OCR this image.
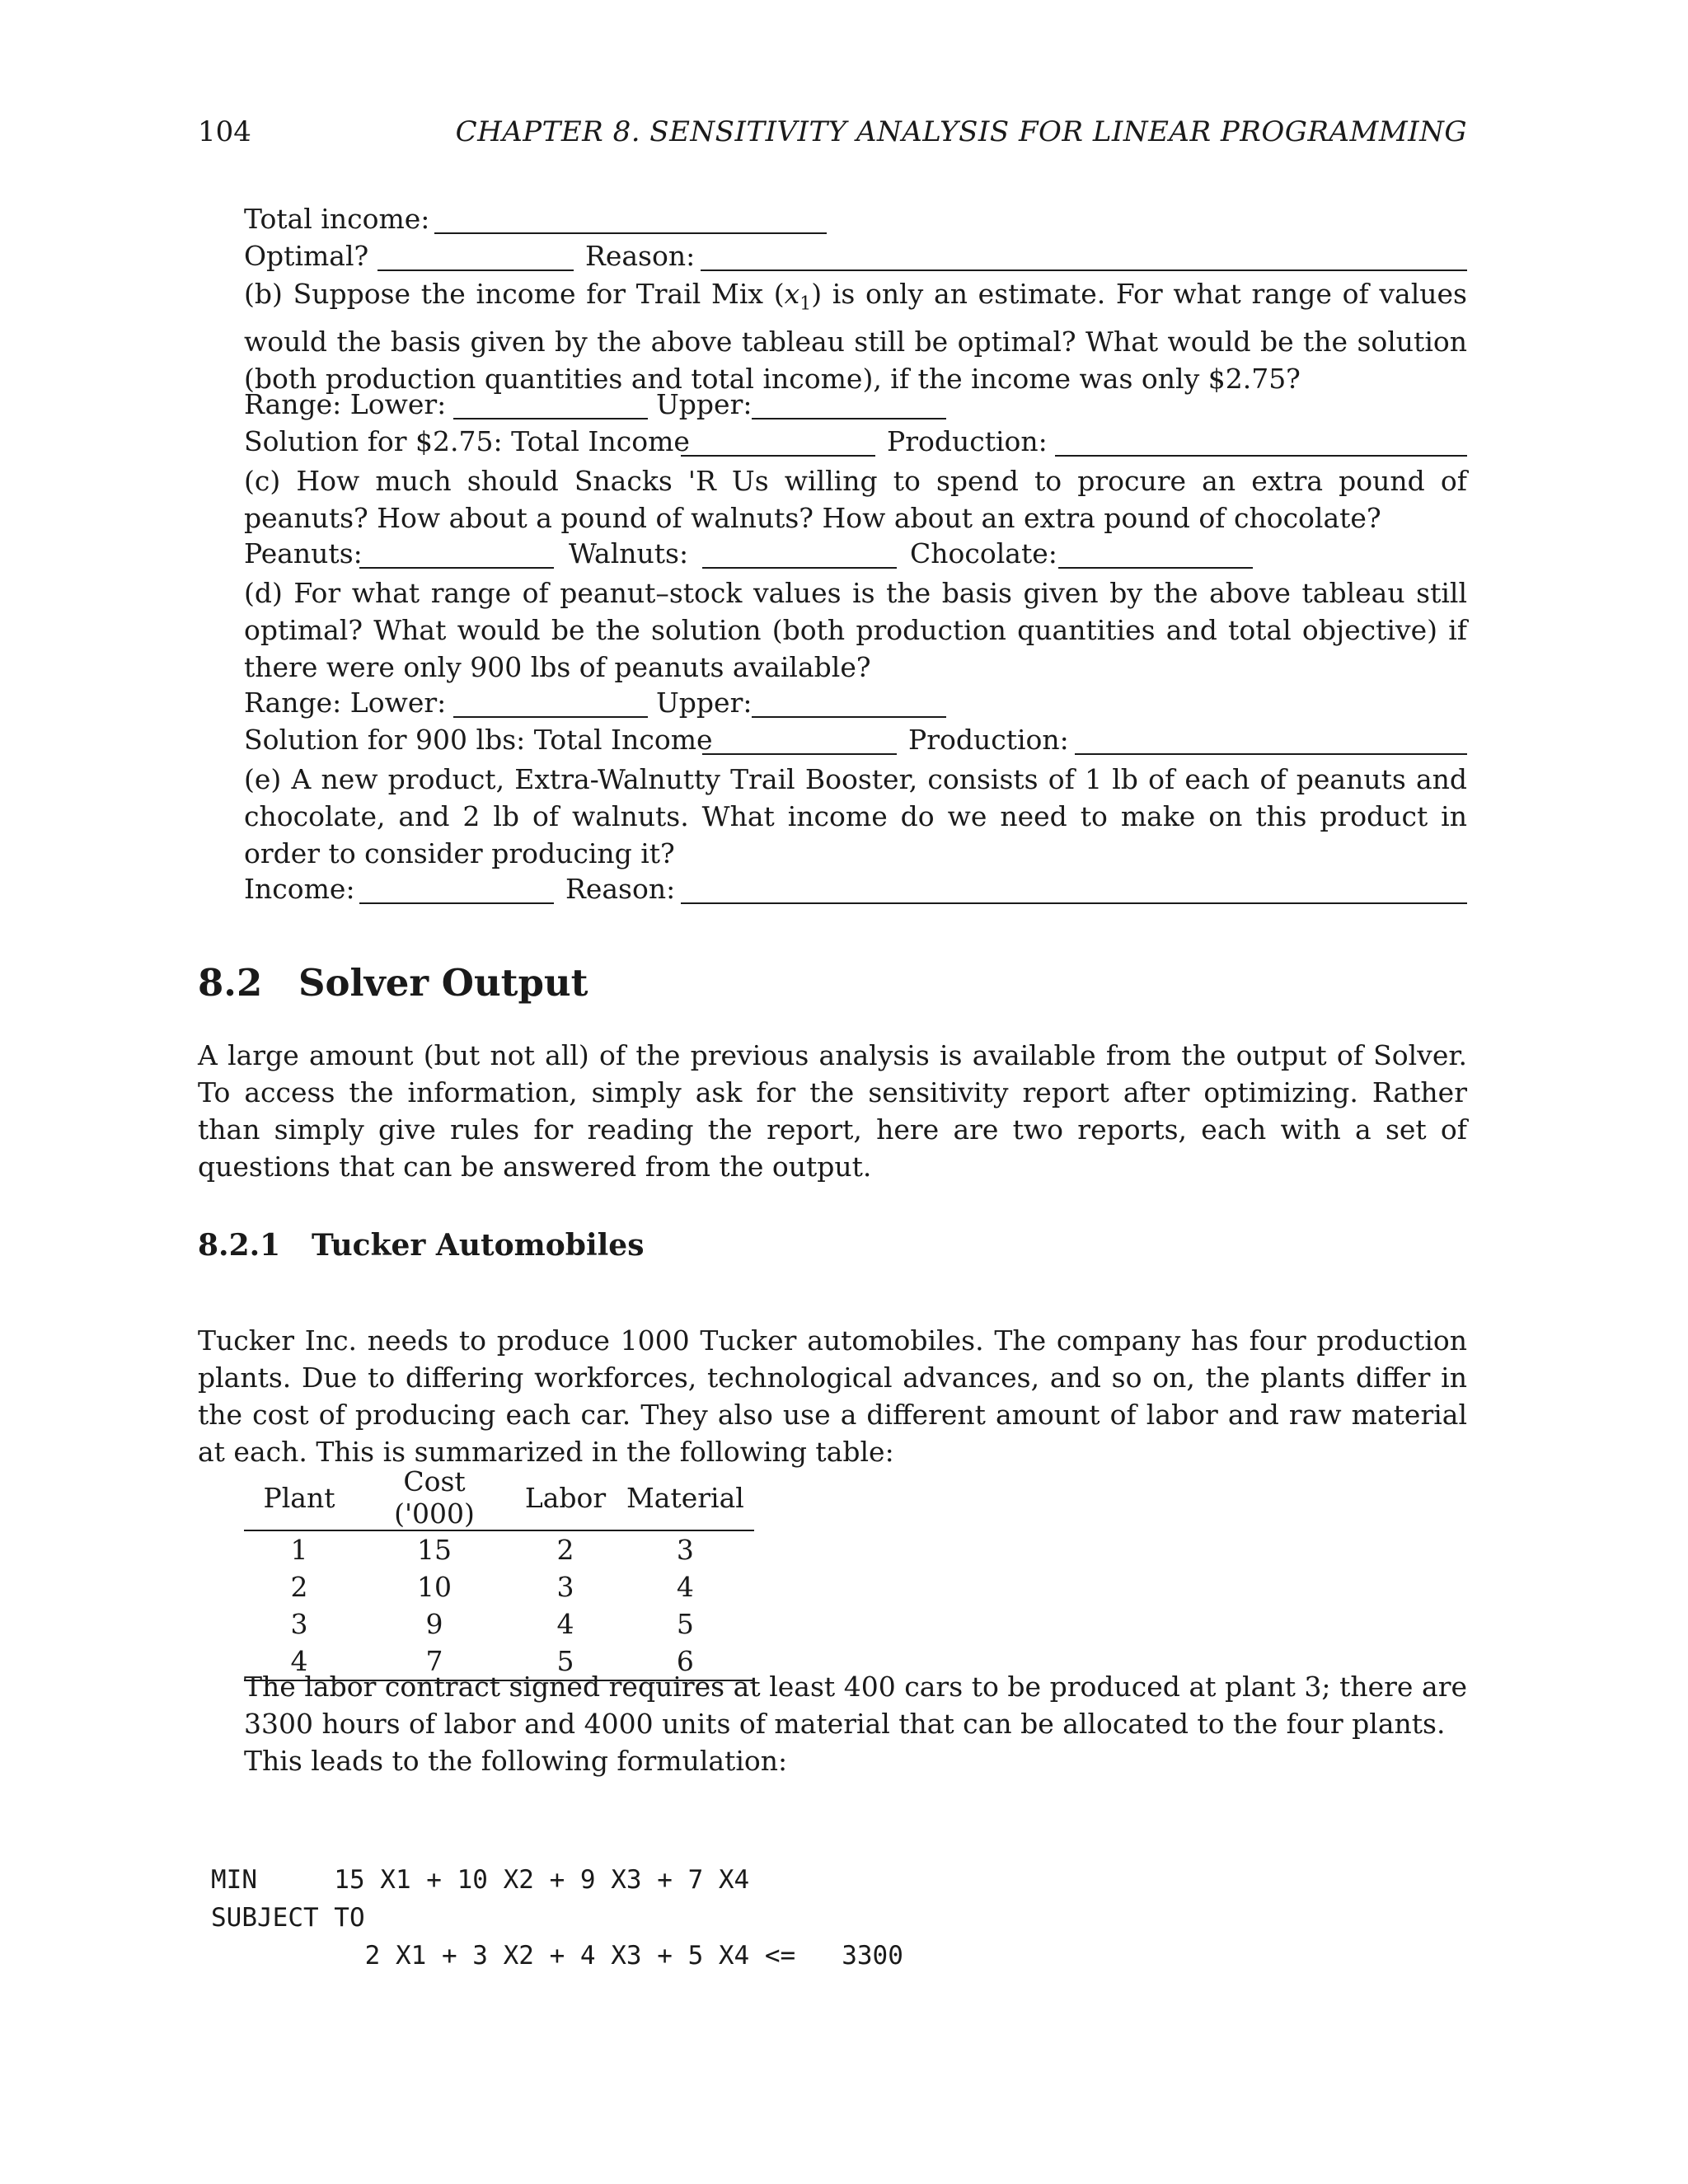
104	CHAPTER 8. SENSITIVITY ANALYSIS FOR LINEAR PROGRAMMING
Total income:
Optimal?	Reason:
(b) Suppose the income for Trail Mix $(x_1)$ is only an estimate. For what range of values would the basis given by the above tableau still be optimal? What would be the solution (both production quantities and total income), if the income was only $2.75?
Range: Lower:	Upper:
Solution for $2.75: Total Income	Production:
(c) How much should Snacks 'R Us willing to spend to procure an extra pound of peanuts? How about a pound of walnuts? How about an extra pound of chocolate?
Peanuts:	Walnuts:	Chocolate:
(d) For what range of peanut–stock values is the basis given by the above tableau still optimal? What would be the solution (both production quantities and total objective) if there were only 900 lbs of peanuts available?
Range: Lower:	Upper:
Solution for 900 lbs: Total Income	Production:
(e) A new product, Extra-Walnutty Trail Booster, consists of 1 lb of each of peanuts and chocolate, and 2 lb of walnuts. What income do we need to make on this product in order to consider producing it?
Income:	Reason:
8.2 Solver Output
A large amount (but not all) of the previous analysis is available from the output of Solver. To access the information, simply ask for the sensitivity report after optimizing. Rather than simply give rules for reading the report, here are two reports, each with a set of questions that can be answered from the output.
8.2.1 Tucker Automobiles
Tucker Inc. needs to produce 1000 Tucker automobiles. The company has four production plants. Due to differing workforces, technological advances, and so on, the plants differ in the cost of producing each car. They also use a different amount of labor and raw material at each. This is summarized in the following table:
Plant	Cost ('000)	Labor	Material
1	15	2	3
2	10	3	4
3	9	4	5
4	7	5	6
The labor contract signed requires at least 400 cars to be produced at plant 3; there are 3300 hours of labor and 4000 units of material that can be allocated to the four plants.
This leads to the following formulation:
MIN     15 X1 + 10 X2 + 9 X3 + 7 X4
SUBJECT TO
2 X1 + 3 X2 + 4 X3 + 5 X4 <=   3300
